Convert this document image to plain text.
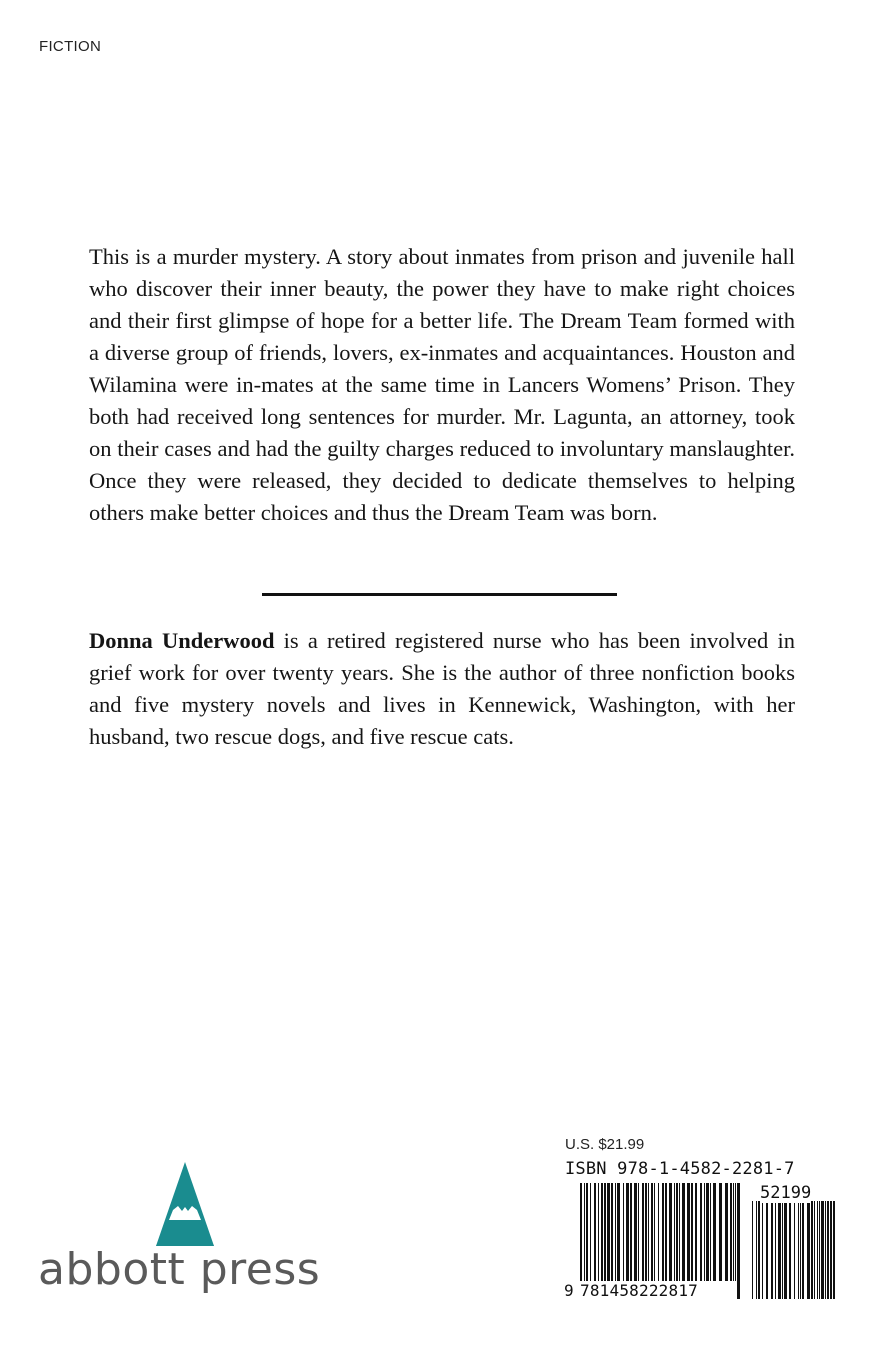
FICTION

This is a murder mystery. A story about inmates from prison and juvenile hall who discover their inner beauty, the power they have to make right choices and their first glimpse of hope for a better life. The Dream Team formed with a diverse group of friends, lovers, ex-inmates and acquaintances. Houston and Wilamina were in-mates at the same time in Lancers Womens’ Prison. They both had received long sentences for murder. Mr. Lagunta, an attorney, took on their cases and had the guilty charges reduced to involuntary manslaughter. Once they were released, they decided to dedicate themselves to helping others make better choices and thus the Dream Team was born.

Donna Underwood is a retired registered nurse who has been involved in grief work for over twenty years. She is the author of three nonfiction books and five mystery novels and lives in Kennewick, Washington, with her husband, two rescue dogs, and five rescue cats.

abbott press
U.S. $21.99
ISBN 978-1-4582-2281-7
9 781458222817
52199
